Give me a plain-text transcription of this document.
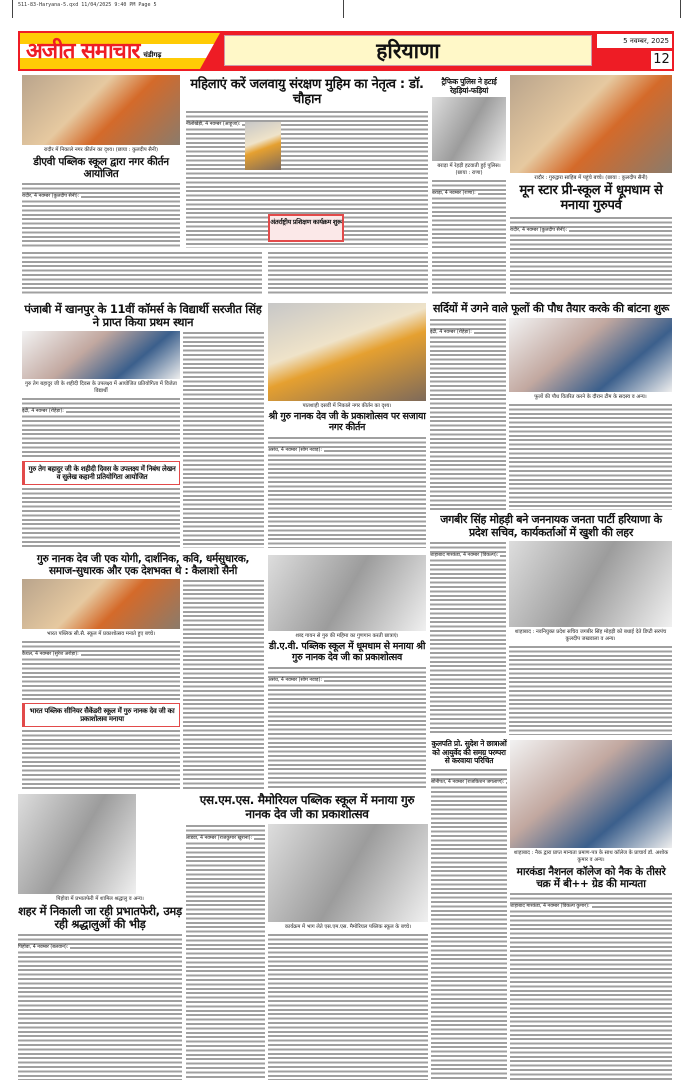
511-83-Haryana-5.qxd 11/04/2025 9:40 PM Page 5
अजीत समाचार चंडीगढ़	हरियाणा	5 नवम्बर, 2025
12
रादौर में निकाले नगर कीर्तन का दृश्य। (छाया : कुलदीप सैनी)
डीएवी पब्लिक स्कूल द्वारा नगर कीर्तन आयोजित
रादौर, 4 नवम्बर (कुलदीप सैनी):
महिलाएं करें जलवायु संरक्षण मुहिम का नेतृत्व : डॉ. चौहान
नीलोखेड़ी, 4 नवम्बर (आहूजा):
अंतर्राष्ट्रीय प्रशिक्षण कार्यक्रम शुरू
ट्रैफिक पुलिस ने हटाई रेहड़ियां-फड़ियां
बराड़ा में रेहड़ी हटवाती हुई पुलिस। (छाया : राणा)
बराड़ा, 4 नवम्बर (राणा):
रादौर : गुरुद्वारा साहिब में पहुंचे बच्चे। (छाया : कुलदीप सैनी)
मून स्टार प्री-स्कूल में धूमधाम से मनाया गुरुपर्व
रादौर, 4 नवम्बर (कुलदीप सैनी):
पंजाबी में खानपुर के 11वीं कॉमर्स के विद्यार्थी सरजीत सिंह ने प्राप्त किया प्रथम स्थान
गुरु तेग बहादुर जी के शहीदी दिवस के उपलक्ष्य में आयोजित प्रतियोगिता में विजेता विद्यार्थी
इंद्री, 4 नवम्बर (रोहेड़ा):
गुरु तेग बहादुर जी के शहीदी दिवस के उपलक्ष्य में निबंध लेखन व सुलेख कहानी प्रतियोगिता आयोजित
पातशाही दसवीं में निकाले नगर कीर्तन का दृश्य।
श्री गुरु नानक देव जी के प्रकाशोत्सव पर सजाया नगर कीर्तन
असंध, 4 नवम्बर (सोम नवाड़):
सर्दियों में उगने वाले फूलों की पौध तैयार करके की बांटना शुरू
इंद्री, 4 नवम्बर (रोहेड़ा):
फूलों की पौध वितरित करने के दौरान टीम के सदस्य व अन्य।
जगबीर सिंह मोहड़ी बने जननायक जनता पार्टी हरियाणा के प्रदेश सचिव, कार्यकर्ताओं में खुशी की लहर
शाहाबाद मारकंडा, 4 नवम्बर (विकल्प):
शाहाबाद : नवनियुक्त प्रदेश सचिव जगबीर सिंह मोहड़ी को बधाई देते डिप्टी सरपंच कुलदीप जखवाला व अन्य।
गुरु नानक देव जी एक योगी, दार्शनिक, कवि, धर्मसुधारक, समाज-सुधारक और एक देशभक्त थे : कैलाशो सैनी
भारत पब्लिक सी.सै. स्कूल में प्रकाशोत्सव मनाते हुए बच्चे।
कैथल, 4 नवम्बर (सुरेश अरोड़ा):
भारत पब्लिक सीनियर सैकेंडरी स्कूल में गुरु नानक देव जी का प्रकाशोत्सव मनाया
शब्द गायन से गुरु की महिमा का गुणगान करती छात्राएं।
डी.ए.वी. पब्लिक स्कूल में धूमधाम से मनाया श्री गुरु नानक देव जी का प्रकाशोत्सव
असंध, 4 नवम्बर (सोम नवाड़):
कुलपति प्रो. सुदेश ने छात्राओं को आयुर्वेद की समग्र परम्परा से करवाया परिचित
सोनीपत, 4 नवम्बर (राजकिशन जगलाण):
शाहाबाद : नैक द्वारा प्राप्त मान्यता प्रमाण-पत्र के साथ कॉलेज के प्राचार्य डॉ. अशोक कुमार व अन्य।
मारकंडा नैशनल कॉलेज को नैक के तीसरे चक्र में बी++ ग्रेड की मान्यता
शाहाबाद मारकंडा, 4 नवम्बर (विकल्प कुमार):
पिहोवा में प्रभातफेरी में शामिल श्रद्धालु व अन्य।
शहर में निकाली जा रही प्रभातफेरी, उमड़ रही श्रद्धालुओं की भीड़
पिहोवा, 4 नवम्बर (बलवान):
एस.एम.एस. मैमोरियल पब्लिक स्कूल में मनाया गुरु नानक देव जी का प्रकाशोत्सव
लाडवा, 4 नवम्बर (राजकुमार खुराना):
कार्यक्रम में भाग लेते एस.एम.एस. मैमोरियल पब्लिक स्कूल के बच्चे।
